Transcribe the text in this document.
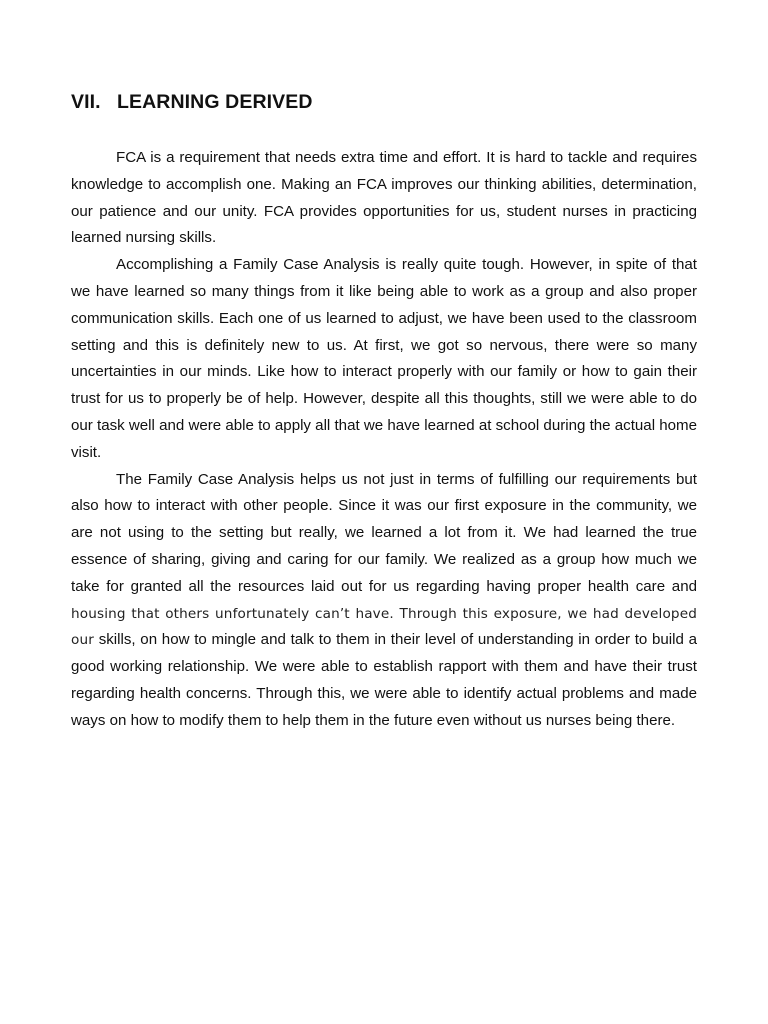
VII. LEARNING DERIVED

FCA is a requirement that needs extra time and effort. It is hard to tackle and requires knowledge to accomplish one. Making an FCA improves our thinking abilities, determination, our patience and our unity. FCA provides opportunities for us, student nurses in practicing learned nursing skills.

Accomplishing a Family Case Analysis is really quite tough. However, in spite of that we have learned so many things from it like being able to work as a group and also proper communication skills. Each one of us learned to adjust, we have been used to the classroom setting and this is definitely new to us. At first, we got so nervous, there were so many uncertainties in our minds. Like how to interact properly with our family or how to gain their trust for us to properly be of help. However, despite all this thoughts, still we were able to do our task well and were able to apply all that we have learned at school during the actual home visit.

The Family Case Analysis helps us not just in terms of fulfilling our requirements but also how to interact with other people. Since it was our first exposure in the community, we are not using to the setting but really, we learned a lot from it. We had learned the true essence of sharing, giving and caring for our family. We realized as a group how much we take for granted all the resources laid out for us regarding having proper health care and housing that others unfortunately can’t have. Through this exposure, we had developed our skills, on how to mingle and talk to them in their level of understanding in order to build a good working relationship. We were able to establish rapport with them and have their trust regarding health concerns. Through this, we were able to identify actual problems and made ways on how to modify them to help them in the future even without us nurses being there.
